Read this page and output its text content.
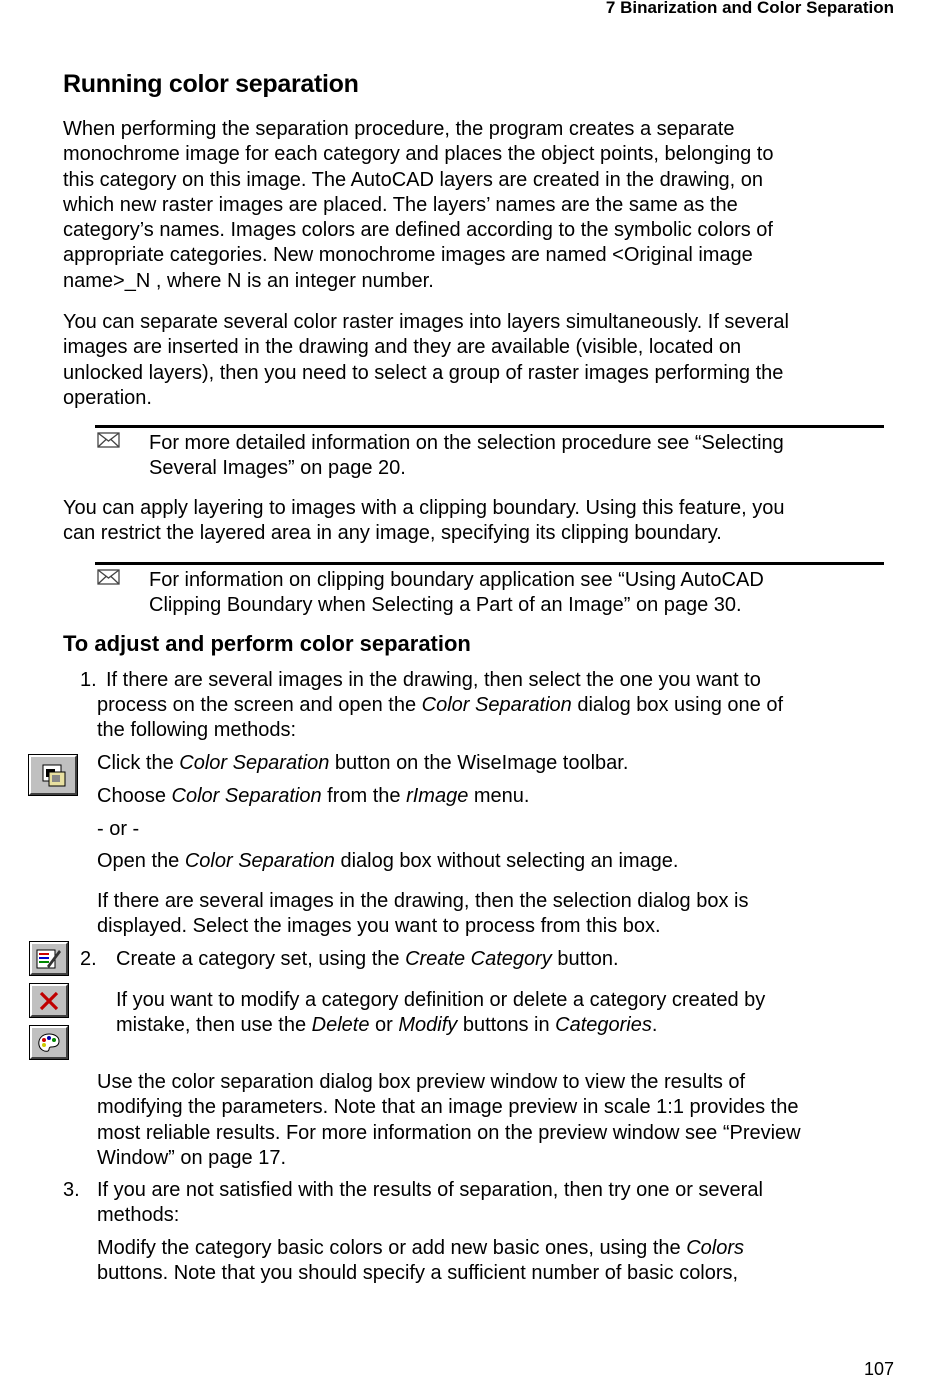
7 Binarization and Color Separation
Running color separation
When performing the separation procedure, the program creates a separate
monochrome image for each category and places the object points, belonging to
this category on this image. The AutoCAD layers are created in the drawing, on
which new raster images are placed. The layers’ names are the same as the
category’s names. Images colors are defined according to the symbolic colors of
appropriate categories. New monochrome images are named <Original image
name>_N , where N is an integer number.
You can separate several color raster images into layers simultaneously. If several
images are inserted in the drawing and they are available (visible, located on
unlocked layers), then you need to select a group of raster images performing the
operation.
For more detailed information on the selection procedure see “Selecting
Several Images” on page 20.
You can apply layering to images with a clipping boundary. Using this feature, you
can restrict the layered area in any image, specifying its clipping boundary.
For information on clipping boundary application see “Using AutoCAD
Clipping Boundary when Selecting a Part of an Image” on page 30.
To adjust and perform color separation
1. If there are several images in the drawing, then select the one you want to
process on the screen and open the Color Separation dialog box using one of
the following methods:
Click the Color Separation button on the WiseImage toolbar.
Choose Color Separation from the rImage menu.
- or -
Open the Color Separation dialog box without selecting an image.
If there are several images in the drawing, then the selection dialog box is
displayed. Select the images you want to process from this box.
2. Create a category set, using the Create Category button.
If you want to modify a category definition or delete a category created by
mistake, then use the Delete or Modify buttons in Categories.
Use the color separation dialog box preview window to view the results of
modifying the parameters. Note that an image preview in scale 1:1 provides the
most reliable results. For more information on the preview window see “Preview
Window” on page 17.
3. If you are not satisfied with the results of separation, then try one or several
methods:
Modify the category basic colors or add new basic ones, using the Colors
buttons. Note that you should specify a sufficient number of basic colors,
107
